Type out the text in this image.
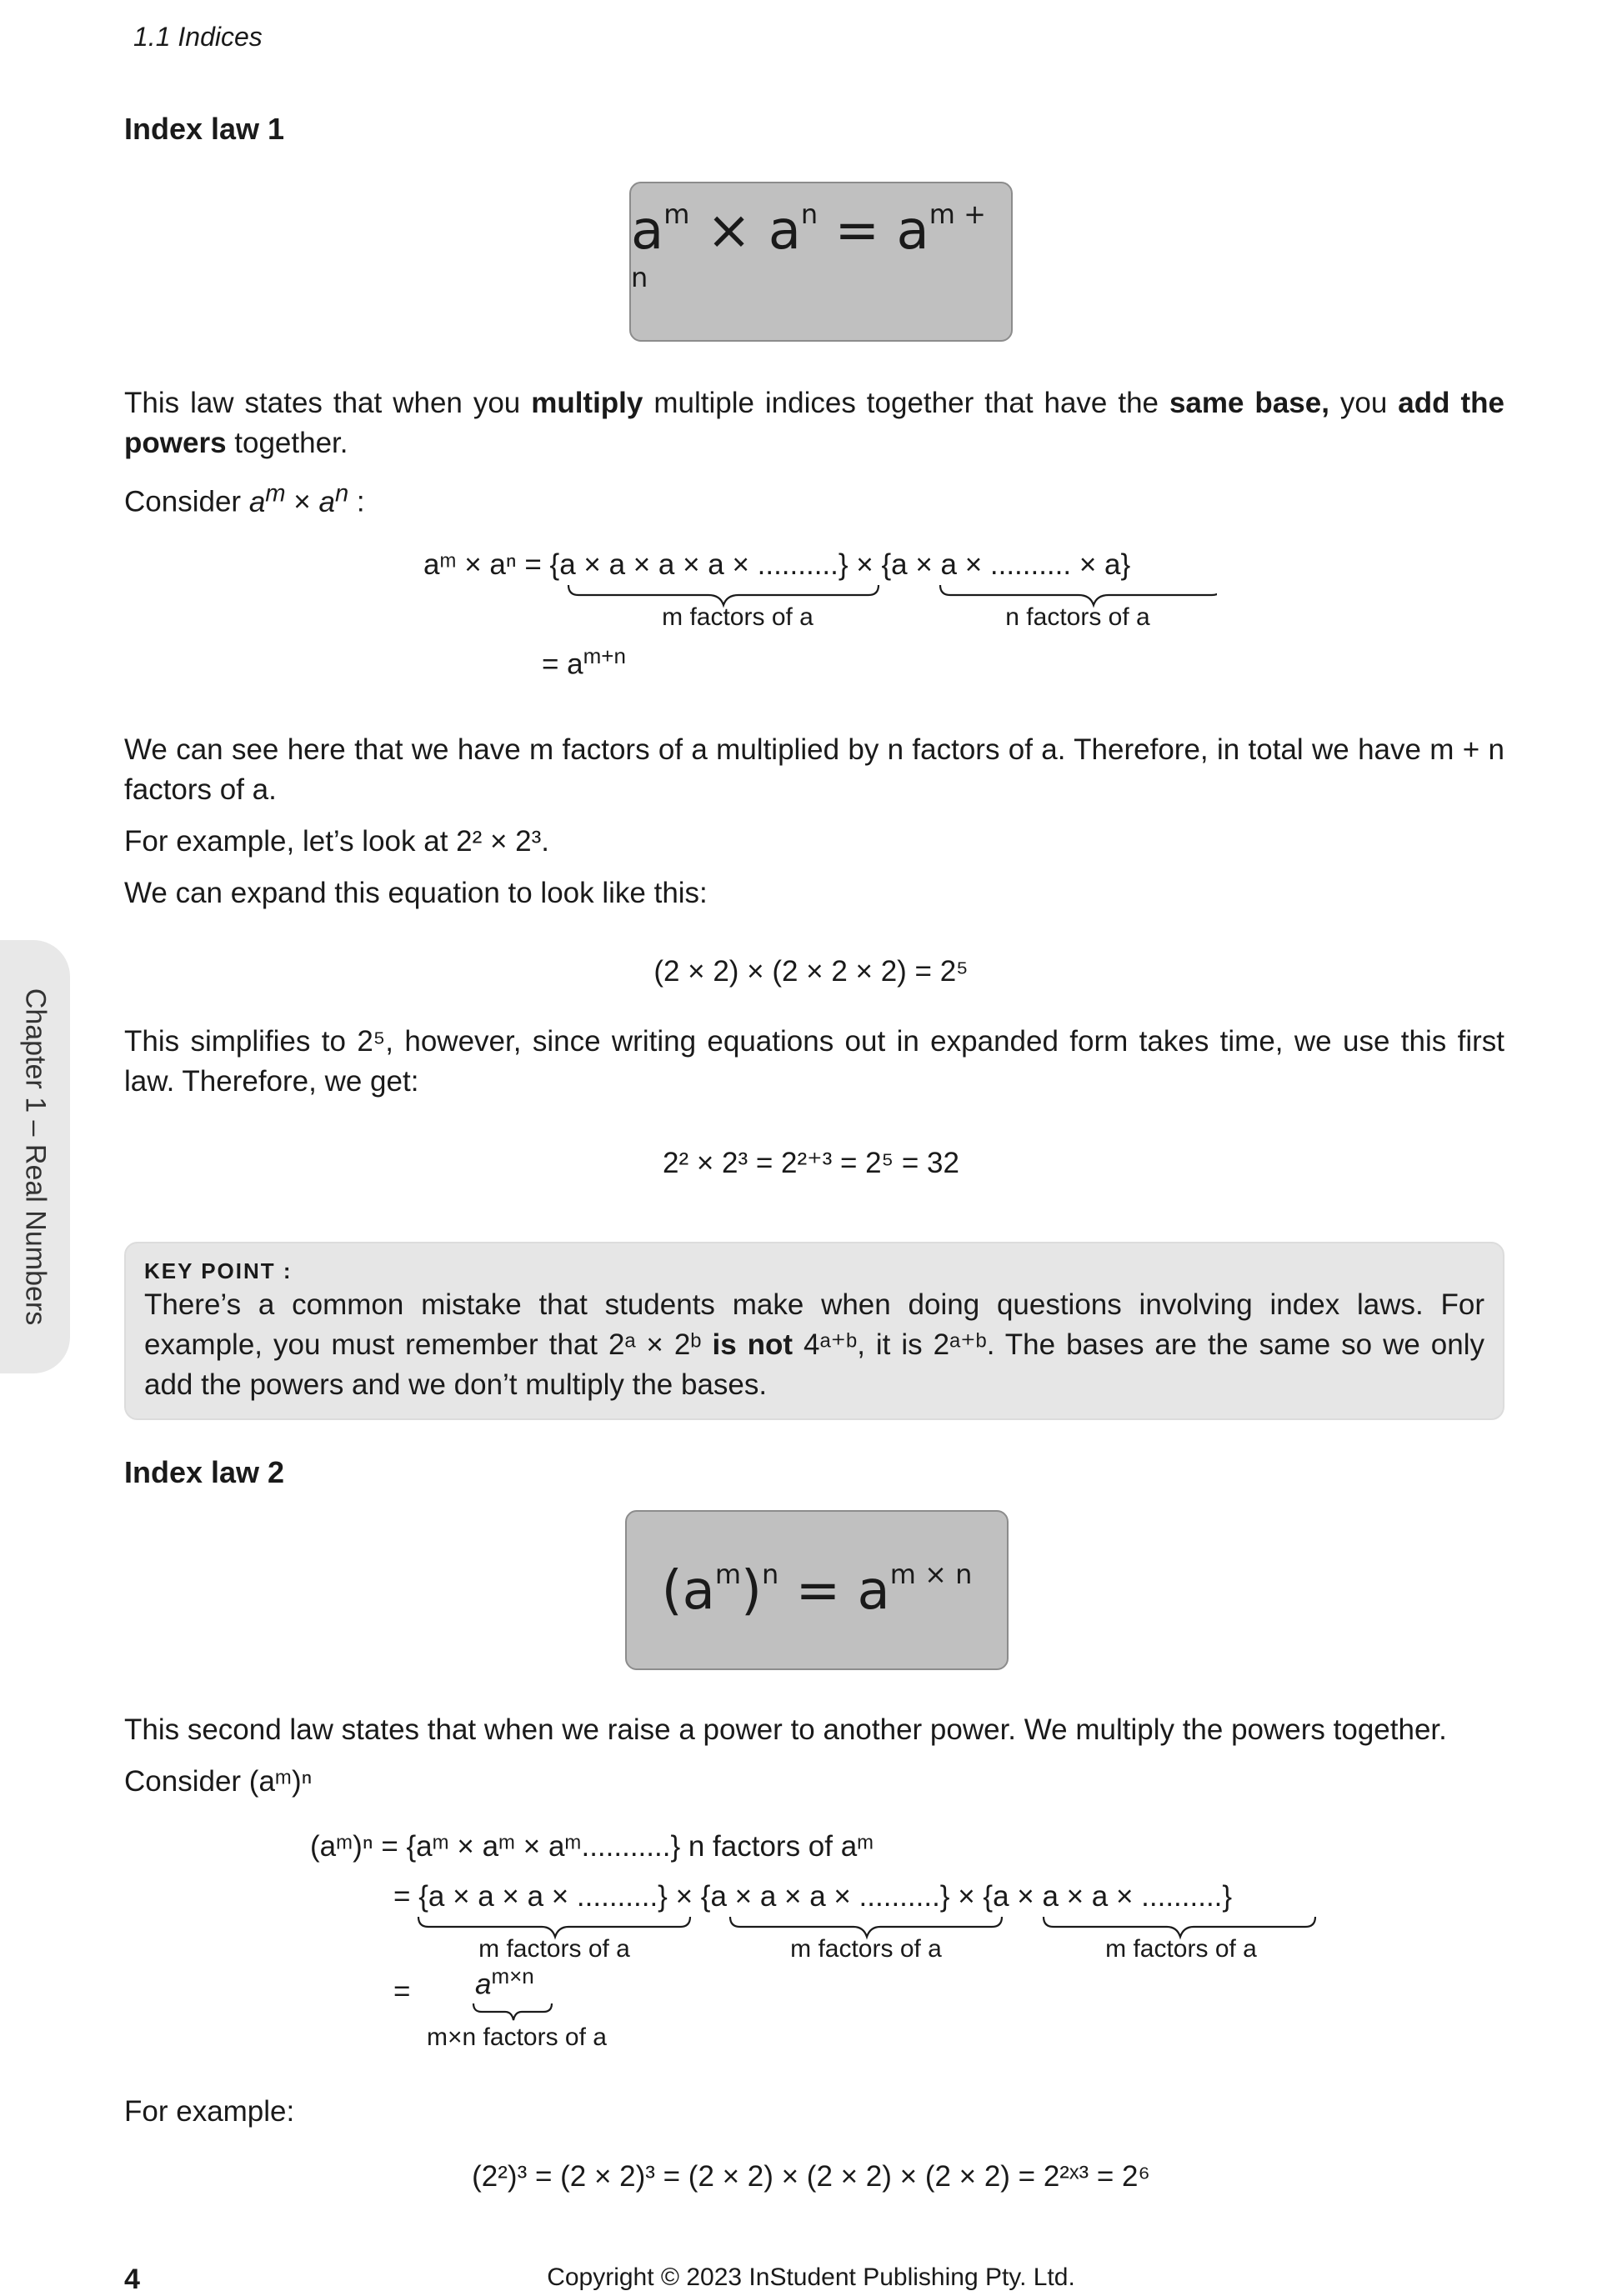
1.1 Indices
Chapter 1 – Real Numbers
Index law 1
$a^m \times a^n = a^{m + n}$

This law states that when you multiply multiple indices together that have the same base, you add the powers together.

Consider $a^m \times a^n$ :

aᵐ × aⁿ = {a × a × a × a × ..........} × {a × a × .......... × a}
m factors of a	n factors of a
= $a^{m+n}$

We can see here that we have m factors of a multiplied by n factors of a. Therefore, in total we have m + n factors of a.

For example, let’s look at 2² × 2³.

We can expand this equation to look like this:

(2 × 2) × (2 × 2 × 2) = 2⁵
This simplifies to 2⁵, however, since writing equations out in expanded form takes time, we use this first law. Therefore, we get:
2² × 2³ = 2²⁺³ = 2⁵ = 32
KEY POINT :
There’s a common mistake that students make when doing questions involving index laws. For example, you must remember that 2ᵃ × 2ᵇ is not 4ᵃ⁺ᵇ, it is 2ᵃ⁺ᵇ. The bases are the same so we only add the powers and we don’t multiply the bases.
Index law 2
$(a^m)^n = a^{m \times n}$

This second law states that when we raise a power to another power. We multiply the powers together.

Consider (aᵐ)ⁿ

(aᵐ)ⁿ = {aᵐ × aᵐ × aᵐ...........} n factors of aᵐ
= {a × a × a × ..........} × {a × a × a × ..........} × {a × a × a × ..........}
m factors of a	m factors of a	m factors of a
= $a^{m\times n}$
m×n factors of a
For example:
(2²)³ = (2 × 2)³ = (2 × 2) × (2 × 2) × (2 × 2) = 2²ˣ³ = 2⁶
4	Copyright © 2023 InStudent Publishing Pty. Ltd.
